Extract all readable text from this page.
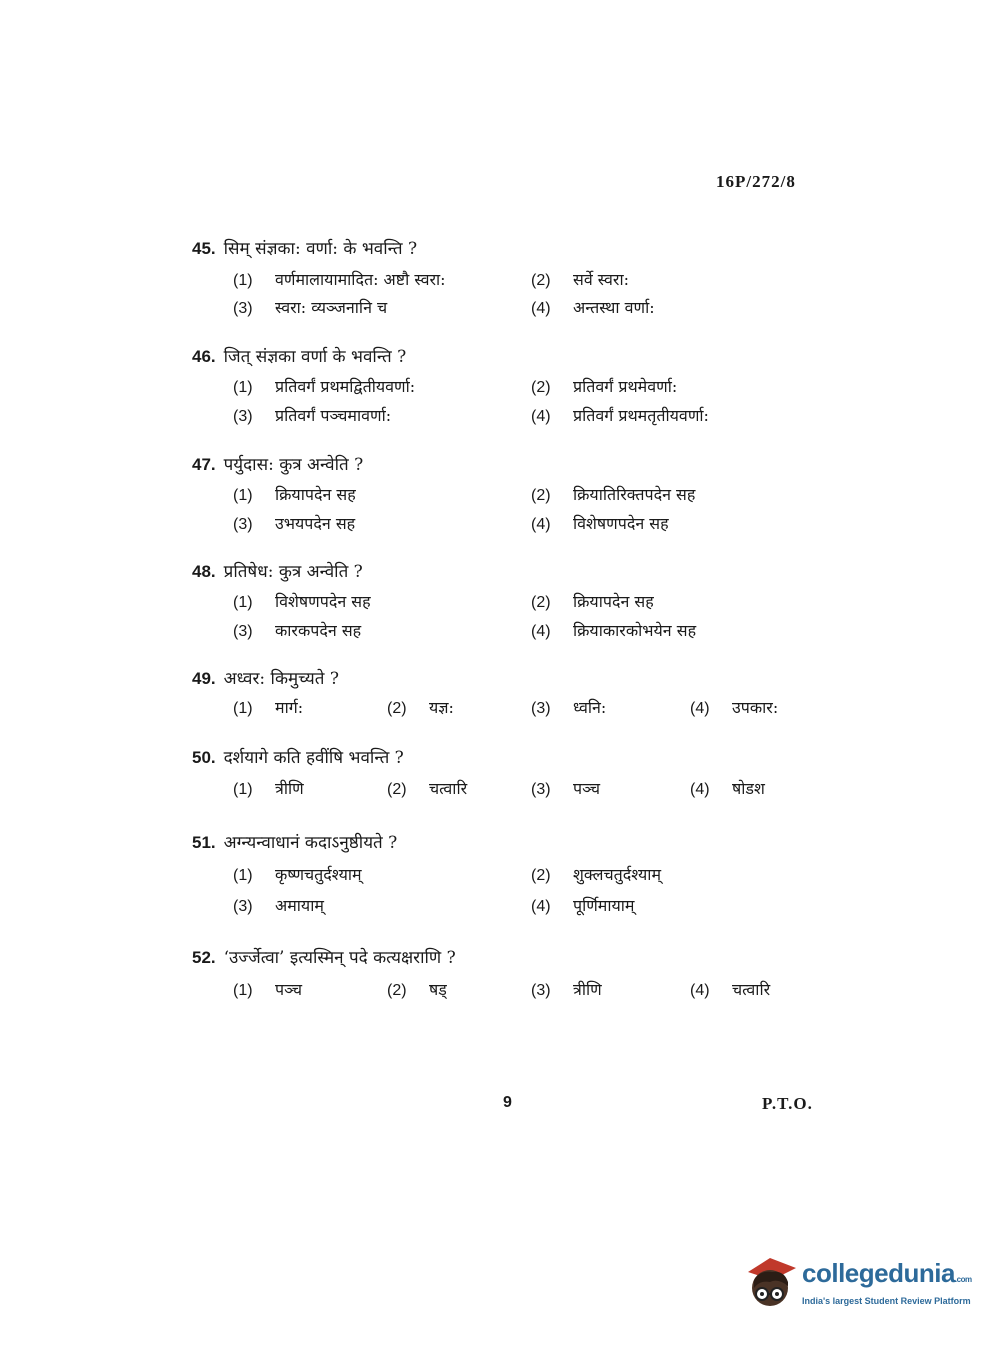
16P/272/8
45. सिम् संज्ञका: वर्णा: के भवन्ति ?
(1) वर्णमालायामादित: अष्टौ स्वरा:	(2) सर्वे स्वरा:
(3) स्वरा: व्यञ्जनानि च	(4) अन्तस्था वर्णा:
46. जित् संज्ञका वर्णा के भवन्ति ?
(1) प्रतिवर्गं प्रथमद्वितीयवर्णा:	(2) प्रतिवर्गं प्रथमेवर्णा:
(3) प्रतिवर्गं पञ्चमावर्णा:	(4) प्रतिवर्गं प्रथमतृतीयवर्णा:
47. पर्युदास: कुत्र अन्वेति ?
(1) क्रियापदेन सह	(2) क्रियातिरिक्तपदेन सह
(3) उभयपदेन सह	(4) विशेषणपदेन सह
48. प्रतिषेध: कुत्र अन्वेति ?
(1) विशेषणपदेन सह	(2) क्रियापदेन सह
(3) कारकपदेन सह	(4) क्रियाकारकोभयेन सह
49. अध्वर: किमुच्यते ?
(1) मार्ग:	(2) यज्ञ:	(3) ध्वनि:	(4) उपकार:
50. दर्शयागे कति हवींषि भवन्ति ?
(1) त्रीणि	(2) चत्वारि	(3) पञ्च	(4) षोडश
51. अग्न्यन्वाधानं कदाऽनुष्ठीयते ?
(1) कृष्णचतुर्दश्याम्	(2) शुक्लचतुर्दश्याम्
(3) अमायाम्	(4) पूर्णिमायाम्
52. ‘उर्ज्जेत्वा’ इत्यस्मिन् पदे कत्यक्षराणि ?
(1) पञ्च	(2) षड्	(3) त्रीणि	(4) चत्वारि
9	P.T.O.
collegedunia.com
India's largest Student Review Platform
